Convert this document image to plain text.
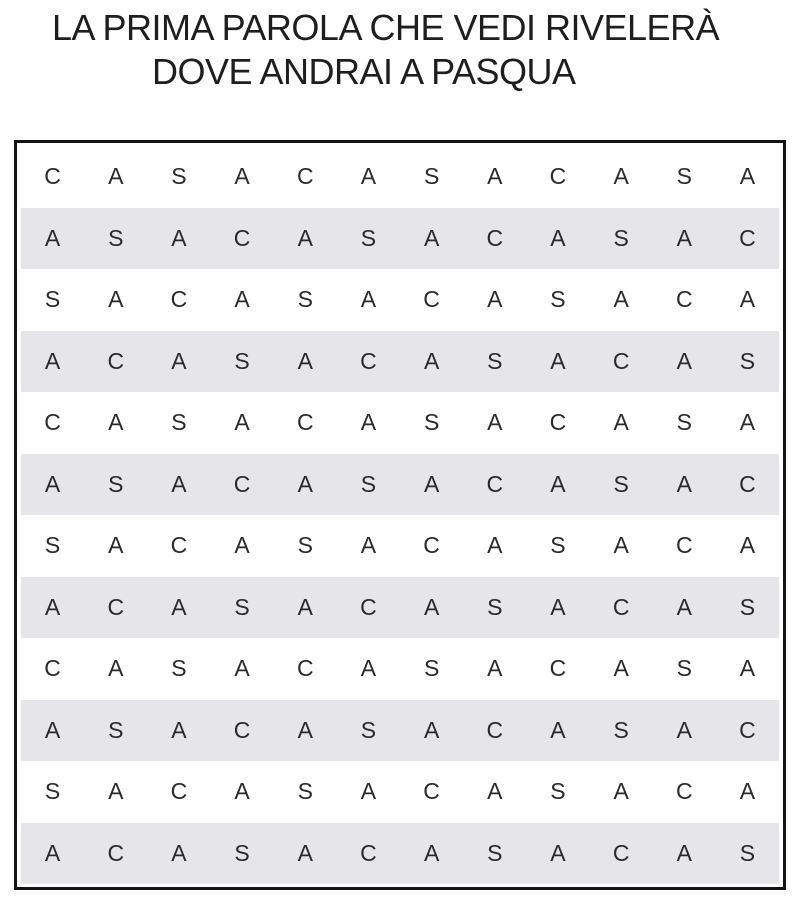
LA PRIMA PAROLA CHE VEDI RIVELERÀ
DOVE ANDRAI A PASQUA
C	A	S	A	C	A	S	A	C	A	S	A
A	S	A	C	A	S	A	C	A	S	A	C
S	A	C	A	S	A	C	A	S	A	C	A
A	C	A	S	A	C	A	S	A	C	A	S
C	A	S	A	C	A	S	A	C	A	S	A
A	S	A	C	A	S	A	C	A	S	A	C
S	A	C	A	S	A	C	A	S	A	C	A
A	C	A	S	A	C	A	S	A	C	A	S
C	A	S	A	C	A	S	A	C	A	S	A
A	S	A	C	A	S	A	C	A	S	A	C
S	A	C	A	S	A	C	A	S	A	C	A
A	C	A	S	A	C	A	S	A	C	A	S
